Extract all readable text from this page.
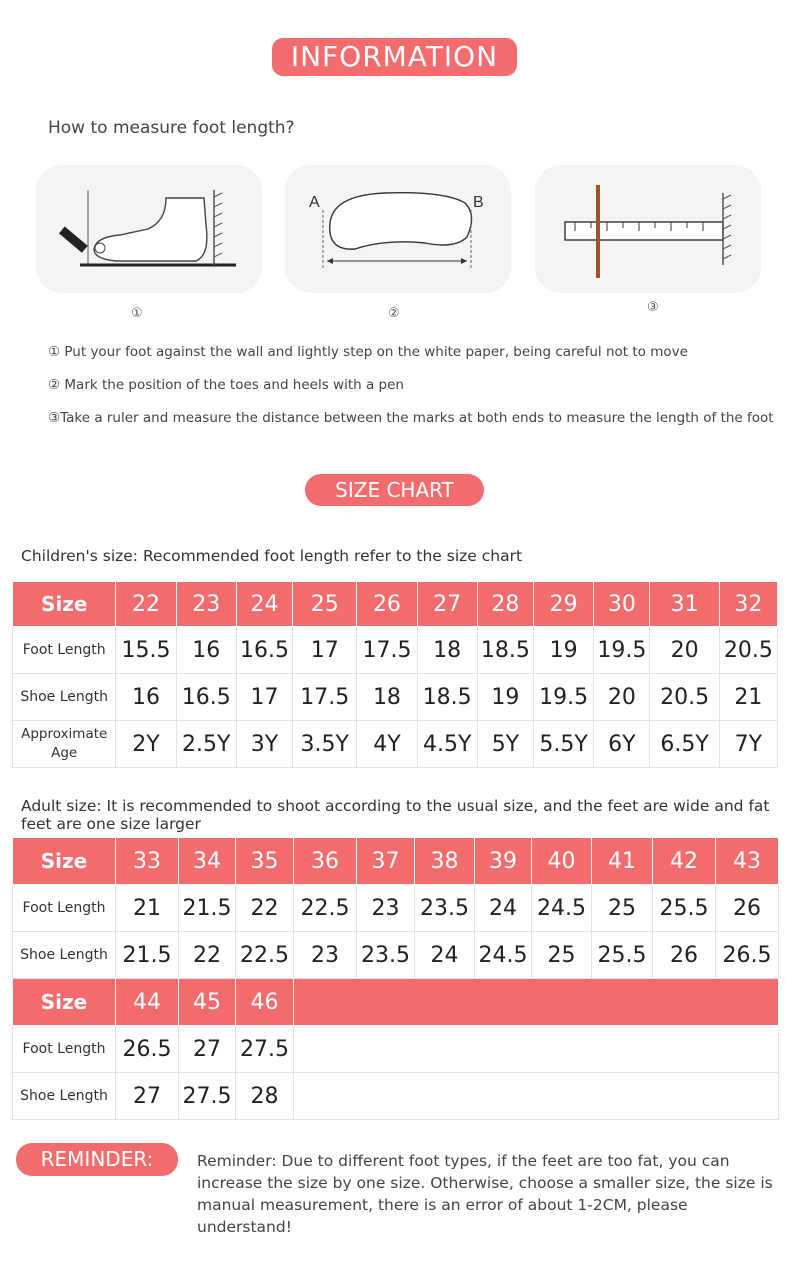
INFORMATION
How to measure foot length?
A	B
①	②	③
① Put your foot against the wall and lightly step on the white paper, being careful not to move
② Mark the position of the toes and heels with a pen
③Take a ruler and measure the distance between the marks at both ends to measure the length of the foot
SIZE CHART
Children's size: Recommended foot length refer to the size chart
Size	22	23	24	25	26	27	28	29	30	31	32
Foot Length	15.5	16	16.5	17	17.5	18	18.5	19	19.5	20	20.5
Shoe Length	16	16.5	17	17.5	18	18.5	19	19.5	20	20.5	21
Approximate Age	2Y	2.5Y	3Y	3.5Y	4Y	4.5Y	5Y	5.5Y	6Y	6.5Y	7Y
Adult size: It is recommended to shoot according to the usual size, and the feet are wide and fat feet are one size larger
Size	33	34	35	36	37	38	39	40	41	42	43
Foot Length	21	21.5	22	22.5	23	23.5	24	24.5	25	25.5	26
Shoe Length	21.5	22	22.5	23	23.5	24	24.5	25	25.5	26	26.5
Size	44	45	46								
Foot Length	26.5	27	27.5								
Shoe Length	27	27.5	28								
REMINDER:	Reminder: Due to different foot types, if the feet are too fat, you can increase the size by one size. Otherwise, choose a smaller size, the size is manual measurement, there is an error of about 1-2CM, please understand!
